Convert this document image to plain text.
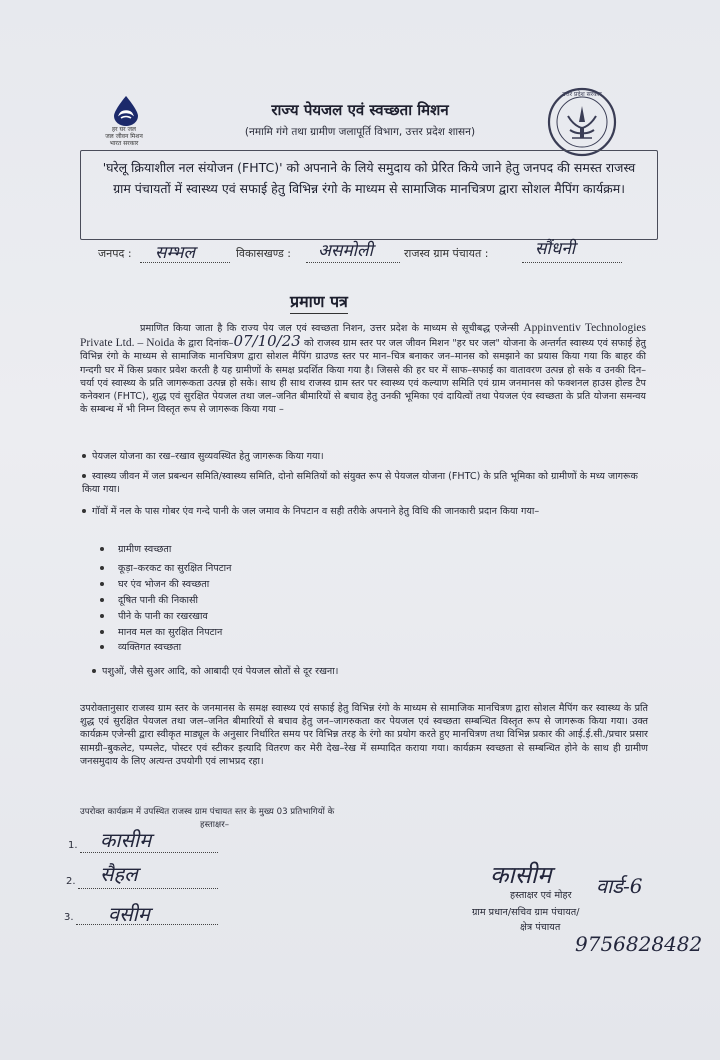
हर घर जल
जल जीवन मिशन
भारत सरकार
उत्तर प्रदेश सरकार
राज्य पेयजल एवं स्वच्छता मिशन
(नमामि गंगे तथा ग्रामीण जलापूर्ति विभाग, उत्तर प्रदेश शासन)
'घरेलू क्रियाशील नल संयोजन (FHTC)' को अपनाने के लिये समुदाय को प्रेरित किये जाने हेतु जनपद की समस्त राजस्व ग्राम पंचायतों में स्वास्थ्य एवं सफाई हेतु विभिन्न रंगो के माध्यम से सामाजिक मानचित्रण द्वारा सोशल मैपिंग कार्यक्रम।
जनपद : सम्भल	विकासखण्ड : असमोली	राजस्व ग्राम पंचायत :	सौंधनी
प्रमाण पत्र
प्रमाणित किया जाता है कि राज्य पेय जल एवं स्वच्छता निशन, उत्तर प्रदेश के माध्यम से सूचीबद्ध एजेन्सी Appinventiv Technologies Private Ltd. – Noida के द्वारा दिनांक–07/10/23 को राजस्व ग्राम स्तर पर जल जीवन मिशन "हर घर जल" योजना के अन्तर्गत स्वास्थ्य एवं सफाई हेतु विभिन्न रंगो के माध्यम से सामाजिक मानचित्रण द्वारा सोशल मैपिंग ग्राउण्ड स्तर पर मान–चित्र बनाकर जन–मानस को समझाने का प्रयास किया गया कि बाहर की गन्दगी घर में किस प्रकार प्रवेश करती है यह ग्रामीणों के समक्ष प्रदर्शित किया गया है। जिससे की हर घर में साफ–सफाई का वातावरण उत्पन्न हो सके व उनकी दिन–चर्या एवं स्वास्थ्य के प्रति जागरूकता उत्पन्न हो सके। साथ ही साथ राजस्व ग्राम स्तर पर स्वास्थ्य एवं कल्याण समिति एवं ग्राम जनमानस को फक्शनल हाउस होल्ड टैप कनेक्शन (FHTC), शुद्ध एवं सुरक्षित पेयजल तथा जल–जनित बीमारियों से बचाव हेतु उनकी भूमिका एवं दायित्वों तथा पेयजल एंव स्वच्छता के प्रति योजना समन्वय के सम्बन्ध में भी निम्न विस्तृत रूप से जागरूक किया गया –
पेयजल योजना का रख–रखाव सुव्यवस्थित हेतु जागरूक किया गया।
स्वास्थ्य जीवन में जल प्रबन्धन समिति/स्वास्थ्य समिति, दोनो समितियों को संयुक्त रूप से पेयजल योजना (FHTC) के प्रति भूमिका को ग्रामीणों के मध्य जागरूक किया गया।
गॉवों में नल के पास गोबर एंव गन्दे पानी के जल जमाव के निपटान व सही तरीके अपनाने हेतु विधि की जानकारी प्रदान किया गया–
ग्रामीण स्वच्छता
कूड़ा–करकट का सुरक्षित निपटान
घर एंव भोजन की स्वच्छता
दूषित पानी की निकासी
पीने के पानी का रखरखाव
मानव मल का सुरक्षित निपटान
व्यक्तिगत स्वच्छता
पशुओं, जैसे सुअर आदि, को आबादी एवं पेयजल स्रोतों से दूर रखना।
उपरोक्तानुसार राजस्व ग्राम स्तर के जनमानस के समक्ष स्वास्थ्य एवं सफाई हेतु विभिन्न रंगो के माध्यम से सामाजिक मानचित्रण द्वारा सोशल मैपिंग कर स्वास्थ्य के प्रति शुद्ध एवं सुरक्षित पेयजल तथा जल–जनित बीमारियों से बचाव हेतु जन–जागरुकता कर पेयजल एवं स्वच्छता सम्बन्धित विस्तृत रूप से जागरूक किया गया। उक्त कार्यक्रम एजेन्सी द्वारा स्वीकृत माड्यूल के अनुसार निर्धारित समय पर विभिन्न तरह के रंगो का प्रयोग करते हुए मानचित्रण तथा विभिन्न प्रकार की आई.ई.सी./प्रचार प्रसार सामग्री–बुकलेट, पम्पलेट, पोस्टर एवं स्टीकर इत्यादि वितरण कर मेरी देख–रेख में सम्पादित कराया गया। कार्यक्रम स्वच्छता से सम्बन्धित होने के साथ ही ग्रामीण जनसमुदाय के लिए अत्यन्त उपयोगी एवं लाभप्रद रहा।
उपरोक्त कार्यक्रम में उपस्थित राजस्व ग्राम पंचायत स्तर के मुख्य 03 प्रतिभागियों के
हस्ताक्षर–
1. कासीम
2. सैहल
3. वसीम
कासीम वार्ड-6
हस्ताक्षर एवं मोहर
ग्राम प्रधान/सचिव ग्राम पंचायत/
क्षेत्र पंचायत
9756828482
